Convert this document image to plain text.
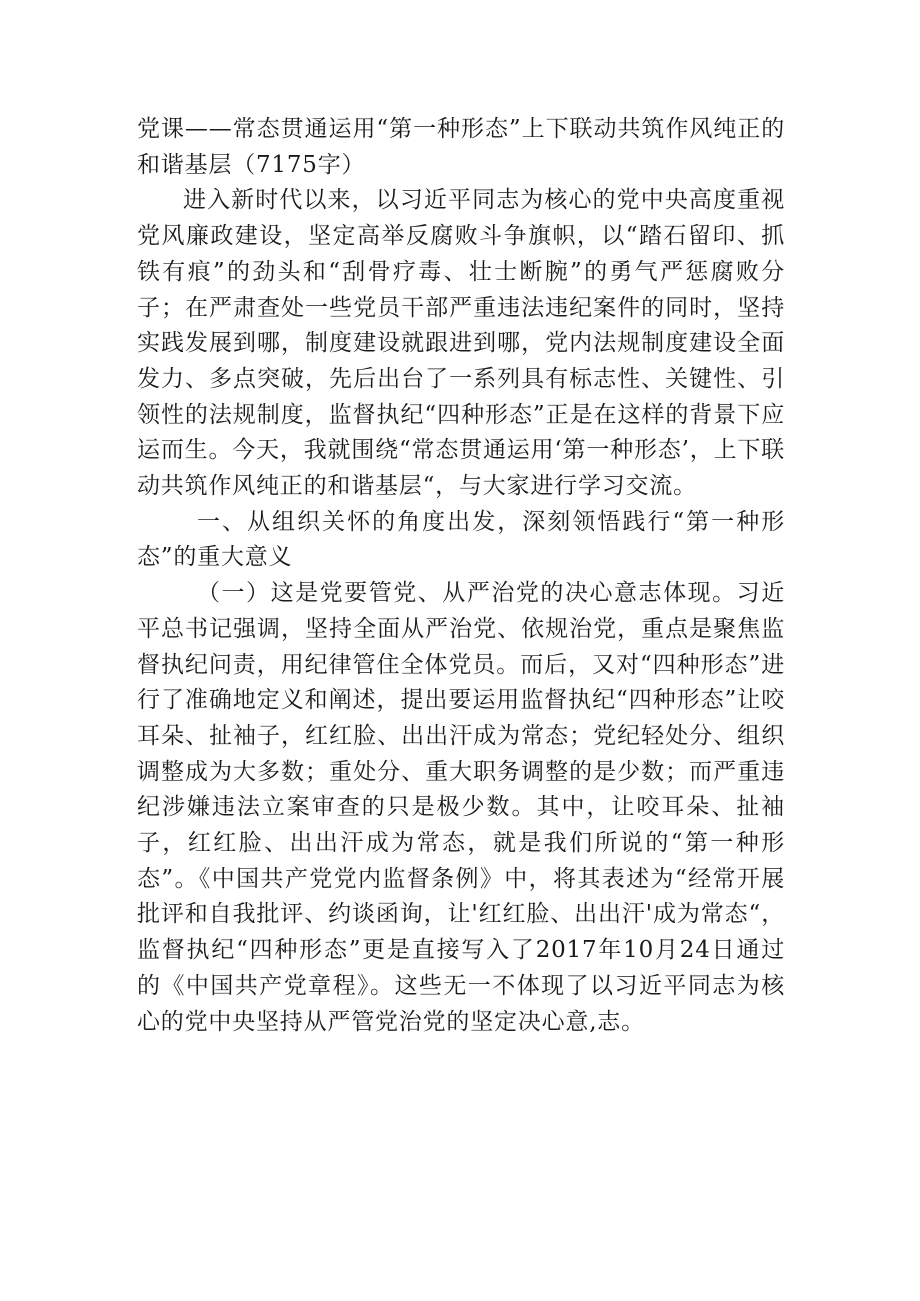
党课——常态贯通运用“第一种形态”上下联动共筑作风纯正的和谐基层（7175字）

进入新时代以来，以习近平同志为核心的党中央高度重视党风廉政建设，坚定高举反腐败斗争旗帜，以“踏石留印、抓铁有痕”的劲头和“刮骨疗毒、壮士断腕”的勇气严惩腐败分子；在严肃查处一些党员干部严重违法违纪案件的同时，坚持实践发展到哪，制度建设就跟进到哪，党内法规制度建设全面发力、多点突破，先后出台了一系列具有标志性、关键性、引领性的法规制度，监督执纪“四种形态”正是在这样的背景下应运而生。今天，我就围绕“常态贯通运用‘第一种形态’，上下联动共筑作风纯正的和谐基层“，与大家进行学习交流。

一、从组织关怀的角度出发，深刻领悟践行“第一种形态”的重大意义

（一）这是党要管党、从严治党的决心意志体现。习近平总书记强调，坚持全面从严治党、依规治党，重点是聚焦监督执纪问责，用纪律管住全体党员。而后，又对“四种形态”进行了准确地定义和阐述，提出要运用监督执纪“四种形态”让咬耳朵、扯袖子，红红脸、出出汗成为常态；党纪轻处分、组织调整成为大多数；重处分、重大职务调整的是少数；而严重违纪涉嫌违法立案审查的只是极少数。其中，让咬耳朵、扯袖子，红红脸、出出汗成为常态，就是我们所说的“第一种形态”。《中国共产党党内监督条例》中，将其表述为“经常开展批评和自我批评、约谈函询，让'红红脸、出出汗'成为常态“，监督执纪“四种形态”更是直接写入了2017年10月24日通过的《中国共产党章程》。这些无一不体现了以习近平同志为核心的党中央坚持从严管党治党的坚定决心意,志。
